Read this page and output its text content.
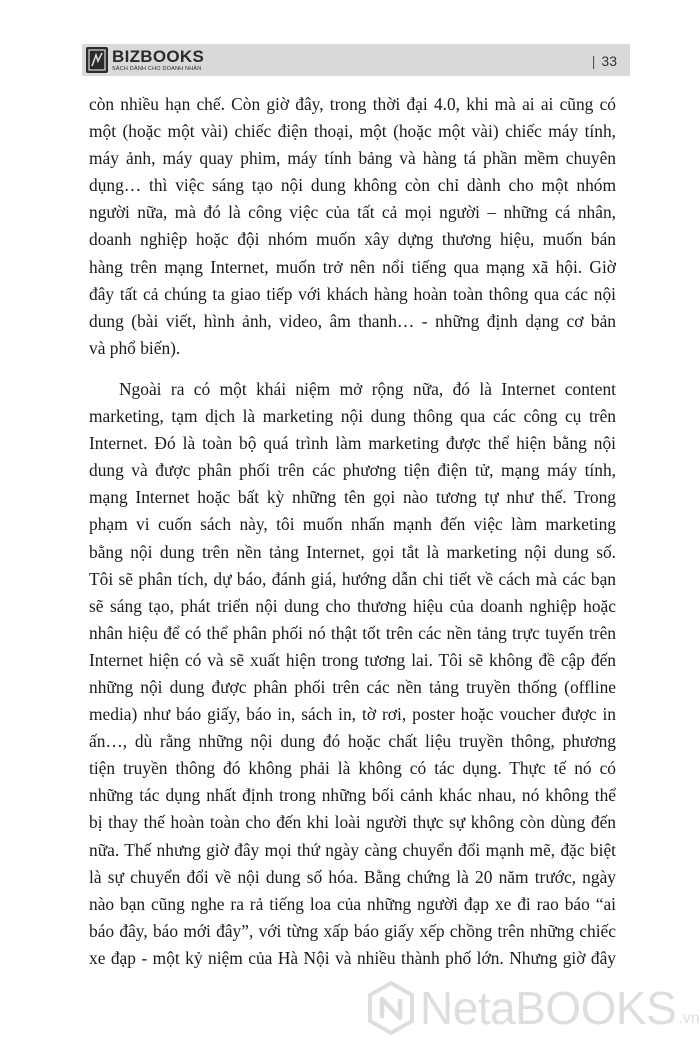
BIZBOOKS
SÁCH DÀNH CHO DOANH NHÂN	| 33

còn nhiều hạn chế. Còn giờ đây, trong thời đại 4.0, khi mà ai ai cũng có

một (hoặc một vài) chiếc điện thoại, một (hoặc một vài) chiếc máy tính,

máy ảnh, máy quay phim, máy tính bảng và hàng tá phần mềm chuyên

dụng… thì việc sáng tạo nội dung không còn chỉ dành cho một nhóm

người nữa, mà đó là công việc của tất cả mọi người – những cá nhân,

doanh nghiệp hoặc đội nhóm muốn xây dựng thương hiệu, muốn bán

hàng trên mạng Internet, muốn trở nên nổi tiếng qua mạng xã hội. Giờ

đây tất cả chúng ta giao tiếp với khách hàng hoàn toàn thông qua các nội

dung (bài viết, hình ảnh, video, âm thanh… - những định dạng cơ bản

và phổ biến).

Ngoài ra có một khái niệm mở rộng nữa, đó là Internet content

marketing, tạm dịch là marketing nội dung thông qua các công cụ trên

Internet. Đó là toàn bộ quá trình làm marketing được thể hiện bằng nội

dung và được phân phối trên các phương tiện điện tử, mạng máy tính,

mạng Internet hoặc bất kỳ những tên gọi nào tương tự như thế. Trong

phạm vi cuốn sách này, tôi muốn nhấn mạnh đến việc làm marketing

bằng nội dung trên nền tảng Internet, gọi tắt là marketing nội dung số.

Tôi sẽ phân tích, dự báo, đánh giá, hướng dẫn chi tiết về cách mà các bạn

sẽ sáng tạo, phát triển nội dung cho thương hiệu của doanh nghiệp hoặc

nhân hiệu để có thể phân phối nó thật tốt trên các nền tảng trực tuyến trên

Internet hiện có và sẽ xuất hiện trong tương lai. Tôi sẽ không đề cập đến

những nội dung được phân phối trên các nền tảng truyền thống (offline

media) như báo giấy, báo in, sách in, tờ rơi, poster hoặc voucher được in

ấn…, dù rằng những nội dung đó hoặc chất liệu truyền thông, phương

tiện truyền thông đó không phải là không có tác dụng. Thực tế nó có

những tác dụng nhất định trong những bối cảnh khác nhau, nó không thể

bị thay thế hoàn toàn cho đến khi loài người thực sự không còn dùng đến

nữa. Thế nhưng giờ đây mọi thứ ngày càng chuyển đổi mạnh mẽ, đặc biệt

là sự chuyển đổi về nội dung số hóa. Bằng chứng là 20 năm trước, ngày

nào bạn cũng nghe ra rả tiếng loa của những người đạp xe đi rao báo “ai

báo đây, báo mới đây”, với từng xấp báo giấy xếp chồng trên những chiếc

xe đạp - một kỷ niệm của Hà Nội và nhiều thành phố lớn. Nhưng giờ đây

NetaBOOKS .vn
